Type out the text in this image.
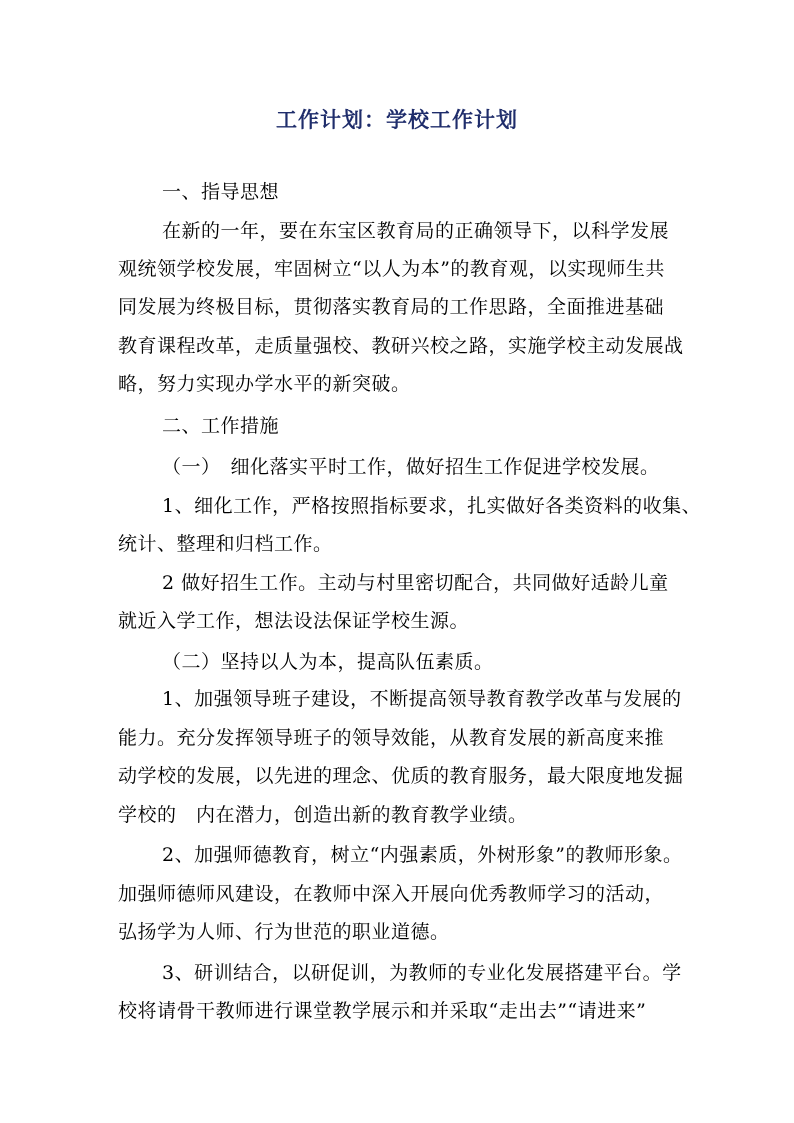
工作计划：学校工作计划
一、指导思想
在新的一年，要在东宝区教育局的正确领导下，以科学发展
观统领学校发展，牢固树立“以人为本”的教育观，以实现师生共
同发展为终极目标，贯彻落实教育局的工作思路，全面推进基础
教育课程改革，走质量强校、教研兴校之路，实施学校主动发展战
略，努力实现办学水平的新突破。
二、工作措施
（一）　细化落实平时工作，做好招生工作促进学校发展。
1、细化工作，严格按照指标要求，扎实做好各类资料的收集、
统计、整理和归档工作。
2 做好招生工作。主动与村里密切配合，共同做好适龄儿童
就近入学工作，想法设法保证学校生源。
（二）坚持以人为本，提高队伍素质。
1、加强领导班子建设，不断提高领导教育教学改革与发展的
能力。充分发挥领导班子的领导效能，从教育发展的新高度来推
动学校的发展，以先进的理念、优质的教育服务，最大限度地发掘
学校的　内在潜力，创造出新的教育教学业绩。
2、加强师德教育，树立“内强素质，外树形象”的教师形象。
加强师德师风建设，在教师中深入开展向优秀教师学习的活动，
弘扬学为人师、行为世范的职业道德。
3、研训结合，以研促训，为教师的专业化发展搭建平台。学
校将请骨干教师进行课堂教学展示和并采取“走出去”“请进来”
